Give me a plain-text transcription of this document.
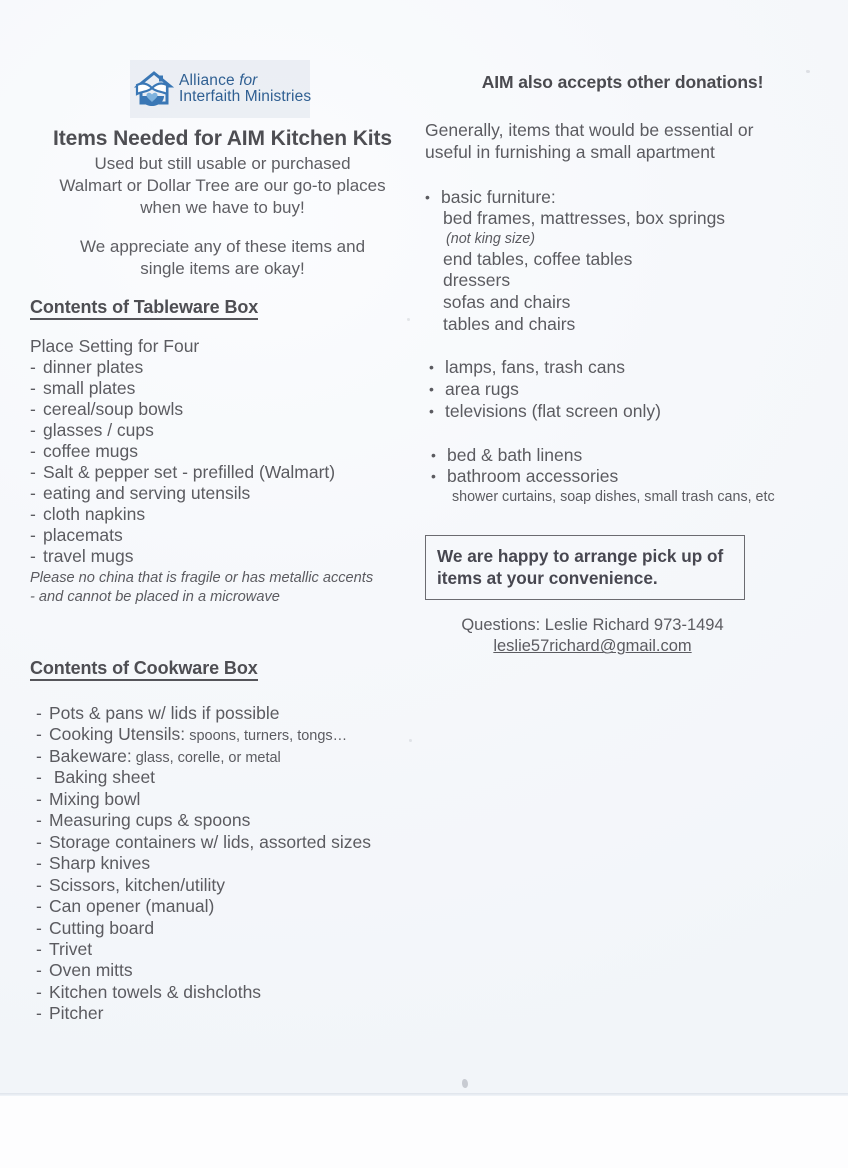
Alliance for
Interfaith Ministries
Items Needed for AIM Kitchen Kits
Used but still usable or purchased
Walmart or Dollar Tree are our go-to places
when we have to buy!
We appreciate any of these items and
single items are okay!
Contents of Tableware Box
Place Setting for Four
- dinner plates
- small plates
- cereal/soup bowls
- glasses / cups
- coffee mugs
- Salt & pepper set - prefilled (Walmart)
- eating and serving utensils
- cloth napkins
- placemats
- travel mugs
Please no china that is fragile or has metallic accents
- and cannot be placed in a microwave
Contents of Cookware Box
- Pots & pans w/ lids if possible
- Cooking Utensils: spoons, turners, tongs…
- Bakeware: glass, corelle, or metal
- Baking sheet
- Mixing bowl
- Measuring cups & spoons
- Storage containers w/ lids, assorted sizes
- Sharp knives
- Scissors, kitchen/utility
- Can opener (manual)
- Cutting board
- Trivet
- Oven mitts
- Kitchen towels & dishcloths
- Pitcher
AIM also accepts other donations!
Generally, items that would be essential or
useful in furnishing a small apartment
• basic furniture:
bed frames, mattresses, box springs
(not king size)
end tables, coffee tables
dressers
sofas and chairs
tables and chairs
• lamps, fans, trash cans
• area rugs
• televisions (flat screen only)
• bed & bath linens
• bathroom accessories
shower curtains, soap dishes, small trash cans, etc

We are happy to arrange pick up of

items at your convenience.

Questions: Leslie Richard 973-1494
leslie57richard@gmail.com
